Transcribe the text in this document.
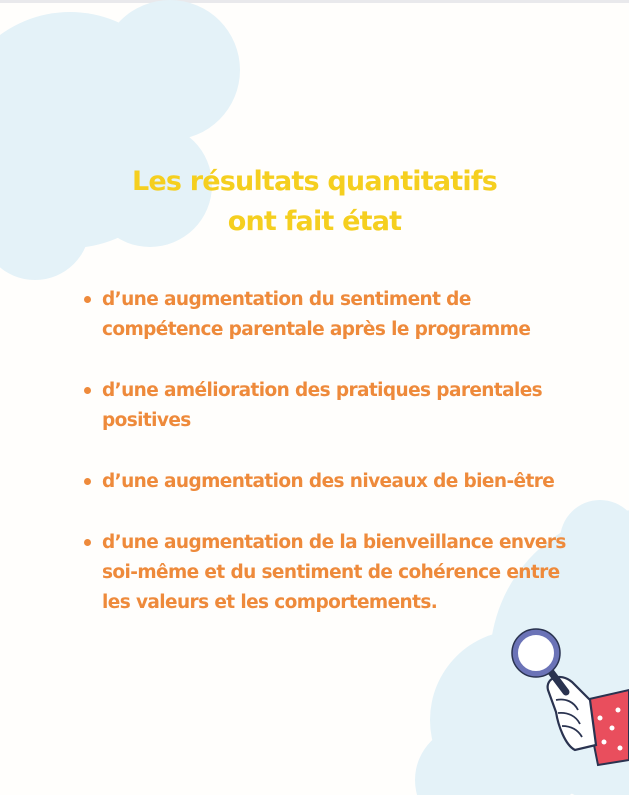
Les résultats quantitatifs
ont fait état
d’une augmentation du sentiment de
compétence parentale après le programme
d’une amélioration des pratiques parentales
positives
d’une augmentation des niveaux de bien-être
d’une augmentation de la bienveillance envers
soi-même et du sentiment de cohérence entre
les valeurs et les comportements.
